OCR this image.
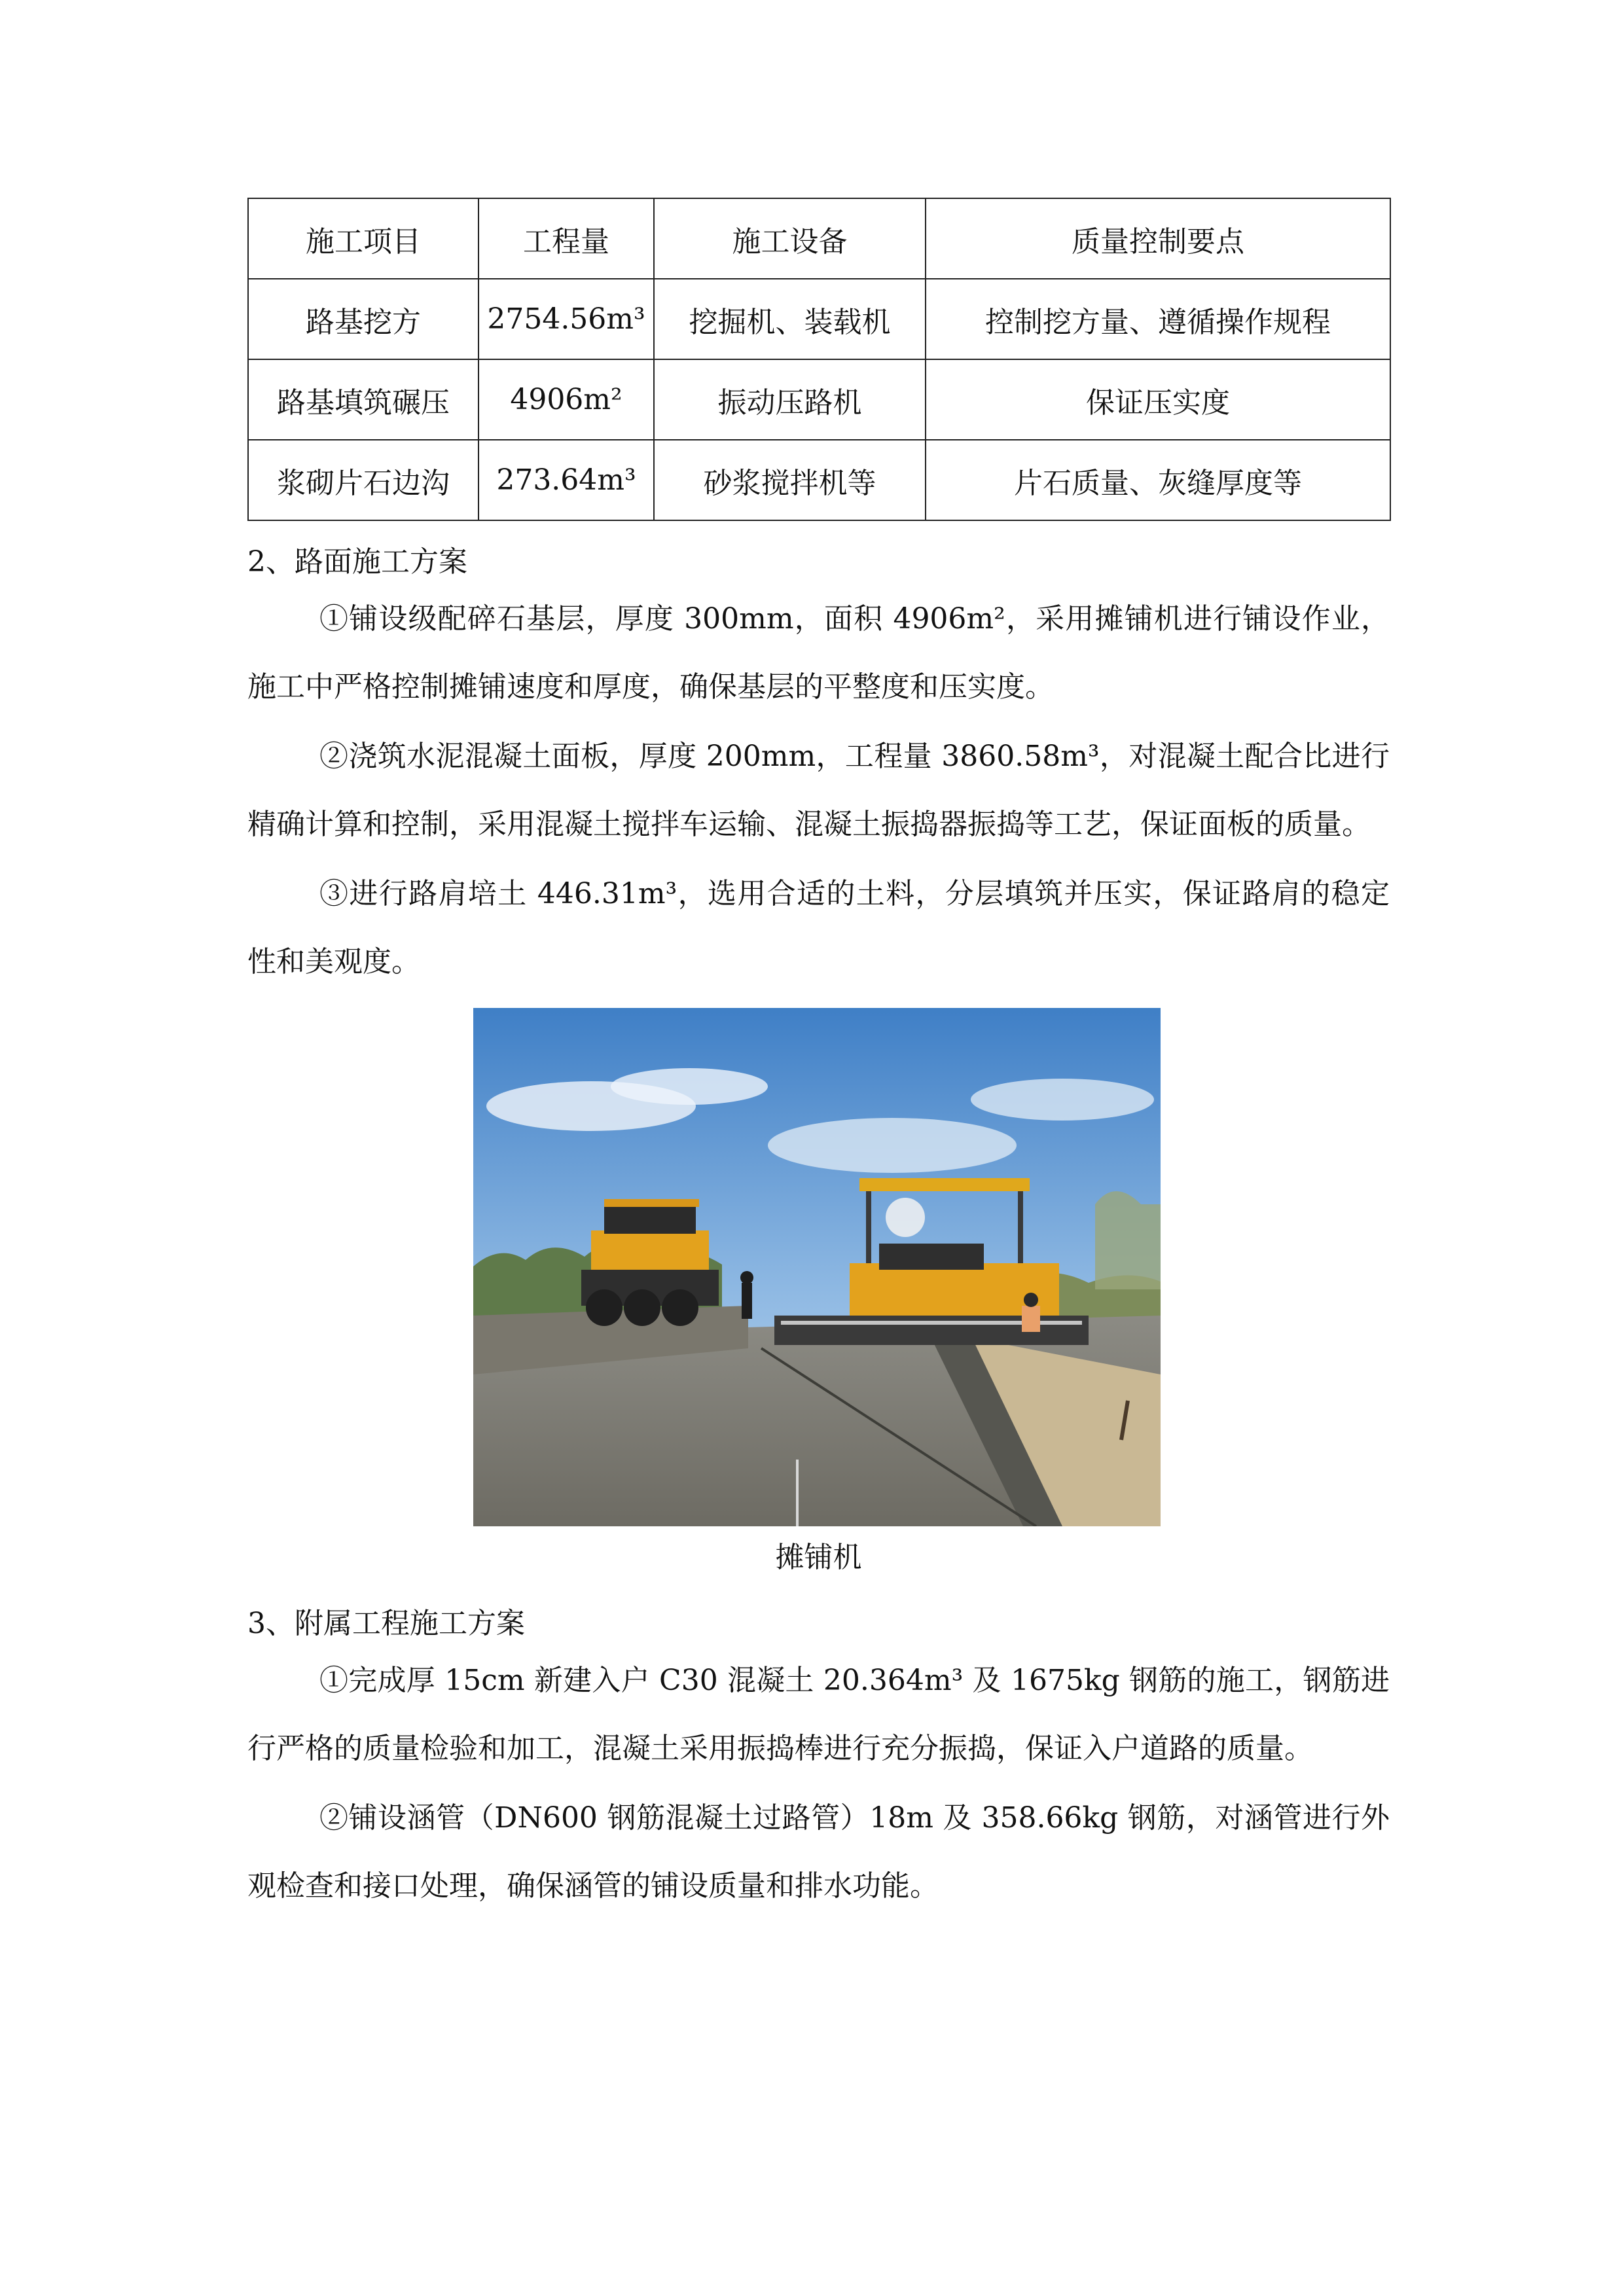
施工项目	工程量	施工设备	质量控制要点
路基挖方	2754.56m³	挖掘机、装载机	控制挖方量、遵循操作规程
路基填筑碾压	4906m²	振动压路机	保证压实度
浆砌片石边沟	273.64m³	砂浆搅拌机等	片石质量、灰缝厚度等
2、路面施工方案

①铺设级配碎石基层，厚度 300mm，面积 4906m²，采用摊铺机进行铺设作业，施工中严格控制摊铺速度和厚度，确保基层的平整度和压实度。

②浇筑水泥混凝土面板，厚度 200mm，工程量 3860.58m³，对混凝土配合比进行精确计算和控制，采用混凝土搅拌车运输、混凝土振捣器振捣等工艺，保证面板的质量。

③进行路肩培土 446.31m³，选用合适的土料，分层填筑并压实，保证路肩的稳定性和美观度。

摊铺机
3、附属工程施工方案

①完成厚 15cm 新建入户 C30 混凝土 20.364m³ 及 1675kg 钢筋的施工，钢筋进行严格的质量检验和加工，混凝土采用振捣棒进行充分振捣，保证入户道路的质量。

②铺设涵管（DN600 钢筋混凝土过路管）18m 及 358.66kg 钢筋，对涵管进行外观检查和接口处理，确保涵管的铺设质量和排水功能。
